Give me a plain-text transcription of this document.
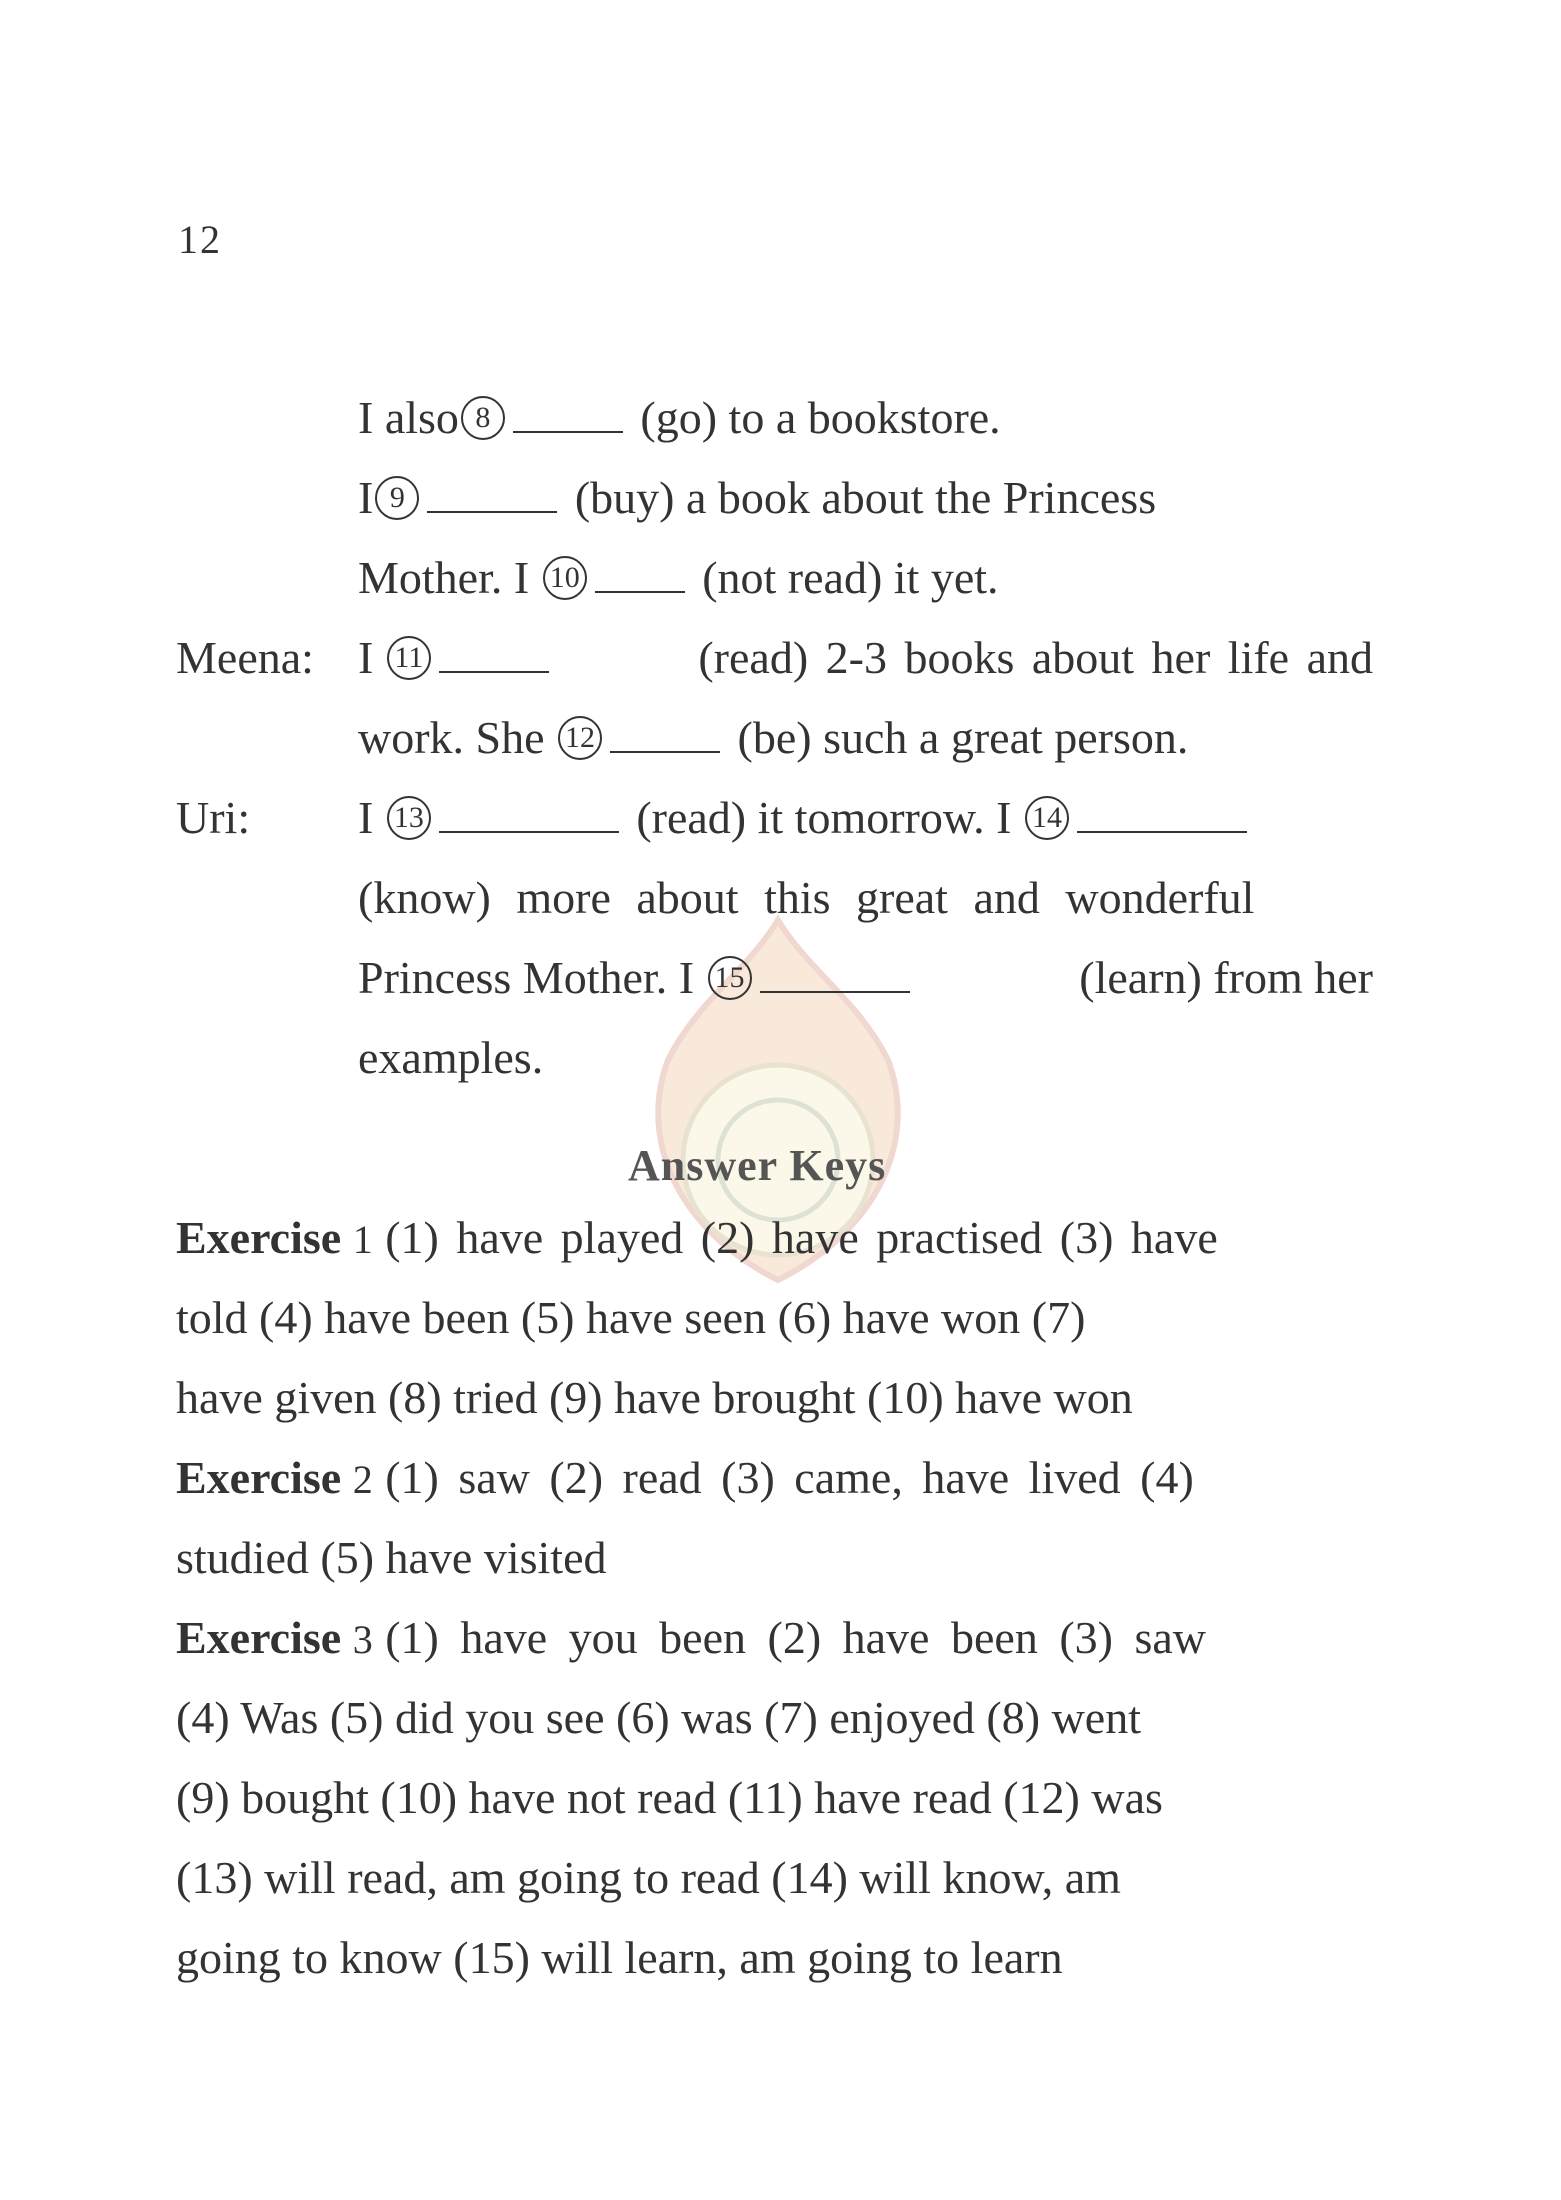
12
I also 8	(go) to a bookstore.
I 9	(buy) a book about the Princess
Mother. I 10	(not read) it yet.
Meena: I 11	(read) 2-3 books about her life and
work. She 12	(be) such a great person.
Uri: I 13	(read) it tomorrow. I 14
(know) more about this great and wonderful
Princess Mother. I 15	(learn) from her
examples.
Answer Keys
Exercise 1 (1) have played (2) have practised (3) have
told (4) have been (5) have seen (6) have won (7)
have given (8) tried (9) have brought (10) have won
Exercise 2 (1) saw (2) read (3) came, have lived (4)
studied (5) have visited
Exercise 3 (1) have you been (2) have been (3) saw
(4) Was (5) did you see (6) was (7) enjoyed (8) went
(9) bought (10) have not read (11) have read (12) was
(13) will read, am going to read (14) will know, am
going to know (15) will learn, am going to learn
